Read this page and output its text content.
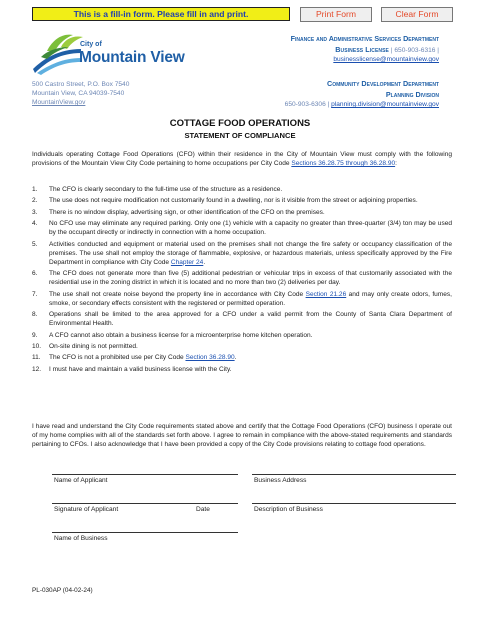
This is a fill-in form. Please fill in and print.	Print Form	Clear Form
City of
Mountain View
Finance and Administrative Services Department
Business License | 650-903-6316 |
businesslicense@mountainview.gov
500 Castro Street, P.O. Box 7540
Mountain View, CA 94039-7540
MountainView.gov
Community Development Department
Planning Division
650-903-6306 | planning.division@mountainview.gov
COTTAGE FOOD OPERATIONS
STATEMENT OF COMPLIANCE
Individuals operating Cottage Food Operations (CFO) within their residence in the City of Mountain View must comply with the following provisions of the Mountain View City Code pertaining to home occupations per City Code Sections 36.28.75 through 36.28.90:
1. The CFO is clearly secondary to the full-time use of the structure as a residence.
2. The use does not require modification not customarily found in a dwelling, nor is it visible from the street or adjoining properties.
3. There is no window display, advertising sign, or other identification of the CFO on the premises.
4. No CFO use may eliminate any required parking. Only one (1) vehicle with a capacity no greater than three-quarter (3/4) ton may be used by the occupant directly or indirectly in connection with a home occupation.
5. Activities conducted and equipment or material used on the premises shall not change the fire safety or occupancy classification of the premises. The use shall not employ the storage of flammable, explosive, or hazardous materials, unless specifically approved by the Fire Department in compliance with City Code Chapter 24.
6. The CFO does not generate more than five (5) additional pedestrian or vehicular trips in excess of that customarily associated with the residential use in the zoning district in which it is located and no more than two (2) deliveries per day.
7. The use shall not create noise beyond the property line in accordance with City Code Section 21.26 and may only create odors, fumes, smoke, or secondary effects consistent with the registered or permitted operation.
8. Operations shall be limited to the area approved for a CFO under a valid permit from the County of Santa Clara Department of Environmental Health.
9. A CFO cannot also obtain a business license for a microenterprise home kitchen operation.
10. On-site dining is not permitted.
11. The CFO is not a prohibited use per City Code Section 36.28.90.
12. I must have and maintain a valid business license with the City.
I have read and understand the City Code requirements stated above and certify that the Cottage Food Operations (CFO) business I operate out of my home complies with all of the standards set forth above. I agree to remain in compliance with the above-stated requirements and standards pertaining to CFOs. I also acknowledge that I have been provided a copy of the City Code provisions relating to cottage food operations.
Name of Applicant	Business Address
Signature of Applicant	Date	Description of Business
Name of Business
PL-030AP (04-02-24)
